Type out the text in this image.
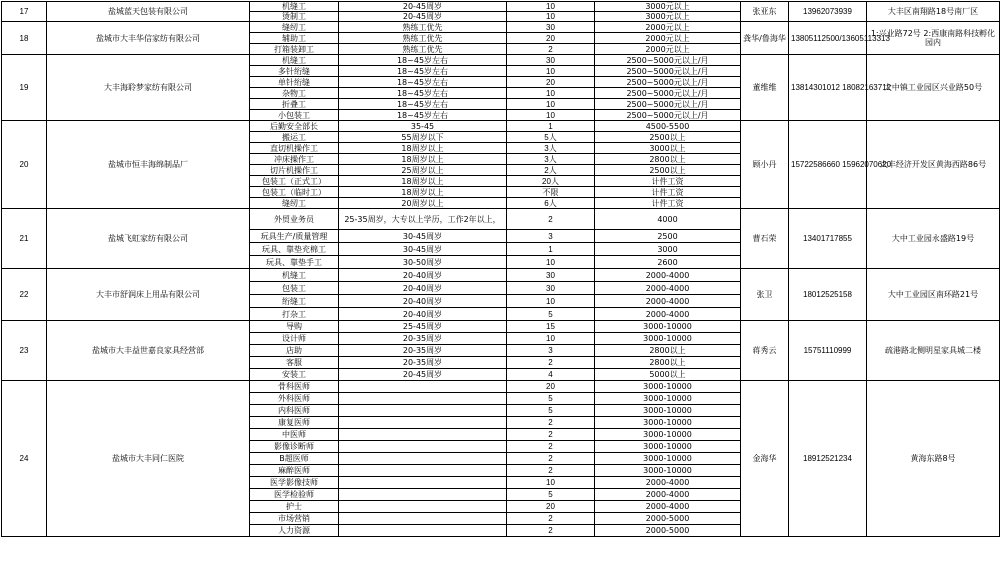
17	盐城蓝天包装有限公司	机缝工	20-45周岁	10	3000元以上	张亚东	13962073939	大丰区南翔路18号南厂区
		烫制工	20-45周岁	10	3000元以上			
18	盐城市大丰华信家纺有限公司	缝纫工	熟练工优先	30	2000元以上	龚华/鲁海华	13805112500/13605113313	1:兴业路72号 2:西康南路科技孵化园内
		辅助工	熟练工优先	20	2000元以上			
		打箱装卸工	熟练工优先	2	2000元以上			
19	大丰海聆梦家纺有限公司	机缝工	18~45岁左右	30	2500~5000元以上/月	董维维	13814301012 18082163712	大中镇工业园区兴业路50号
		多针绗缝	18~45岁左右	10	2500~5000元以上/月			
		单针绗缝	18~45岁左右	20	2500~5000元以上/月			
		杂物工	18~45岁左右	10	2500~5000元以上/月			
		折叠工	18~45岁左右	10	2500~5000元以上/月			
		小包装工	18~45岁左右	10	2500~5000元以上/月			
20	盐城市恒丰海绵制品厂	后勤安全部长	35-45	1	4500-5500	顾小丹	15722586660 15962070620	大丰经济开发区黄海西路86号
		搬运工	55周岁以下	5人	2500以上			
		直切机操作工	18周岁以上	3人	3000以上			
		冲床操作工	18周岁以上	3人	2800以上			
		切片机操作工	25周岁以上	2人	2500以上			
		包装工（正式工）	18周岁以上	20人	计件工资			
		包装工（临时工）	18周岁以上	不限	计件工资			
		缝纫工	20周岁以上	6人	计件工资			
21	盐城飞虹家纺有限公司	外贸业务员	25-35周岁，大专以上学历，工作2年以上，	2	4000	曹石荣	13401717855	大中工业园永盛路19号
		玩具生产/质量管理	30-45周岁	3	2500			
		玩具、靠垫充棉工	30-45周岁	1	3000			
		玩具、靠垫手工	30-50周岁	10	2600			
22	大丰市舒润床上用品有限公司	机缝工	20-40周岁	30	2000-4000	张卫	18012525158	大中工业园区南环路21号
		包装工	20-40周岁	30	2000-4000			
		绗缝工	20-40周岁	10	2000-4000			
		打杂工	20-40周岁	5	2000-4000			
23	盐城市大丰益世嘉良家具经营部	导购	25-45周岁	15	3000-10000	蒋秀云	15751110999	疏港路北侧明星家具城二楼
		设计师	20-35周岁	10	3000-10000			
		店助	20-35周岁	3	2800以上			
		客服	20-35周岁	2	2800以上			
		安装工	20-45周岁	4	5000以上			
24	盐城市大丰同仁医院	骨科医师		20	3000-10000	金海华	18912521234	黄海东路8号
		外科医师		5	3000-10000			
		内科医师		5	3000-10000			
		康复医师		2	3000-10000			
		中医师		2	3000-10000			
		影像诊断师		2	3000-10000			
		B超医师		2	3000-10000			
		麻醉医师		2	3000-10000			
		医学影像技师		10	2000-4000			
		医学检验师		5	2000-4000			
		护士		20	2000-4000			
		市场营销		2	2000-5000			
		人力资源		2	2000-5000			
